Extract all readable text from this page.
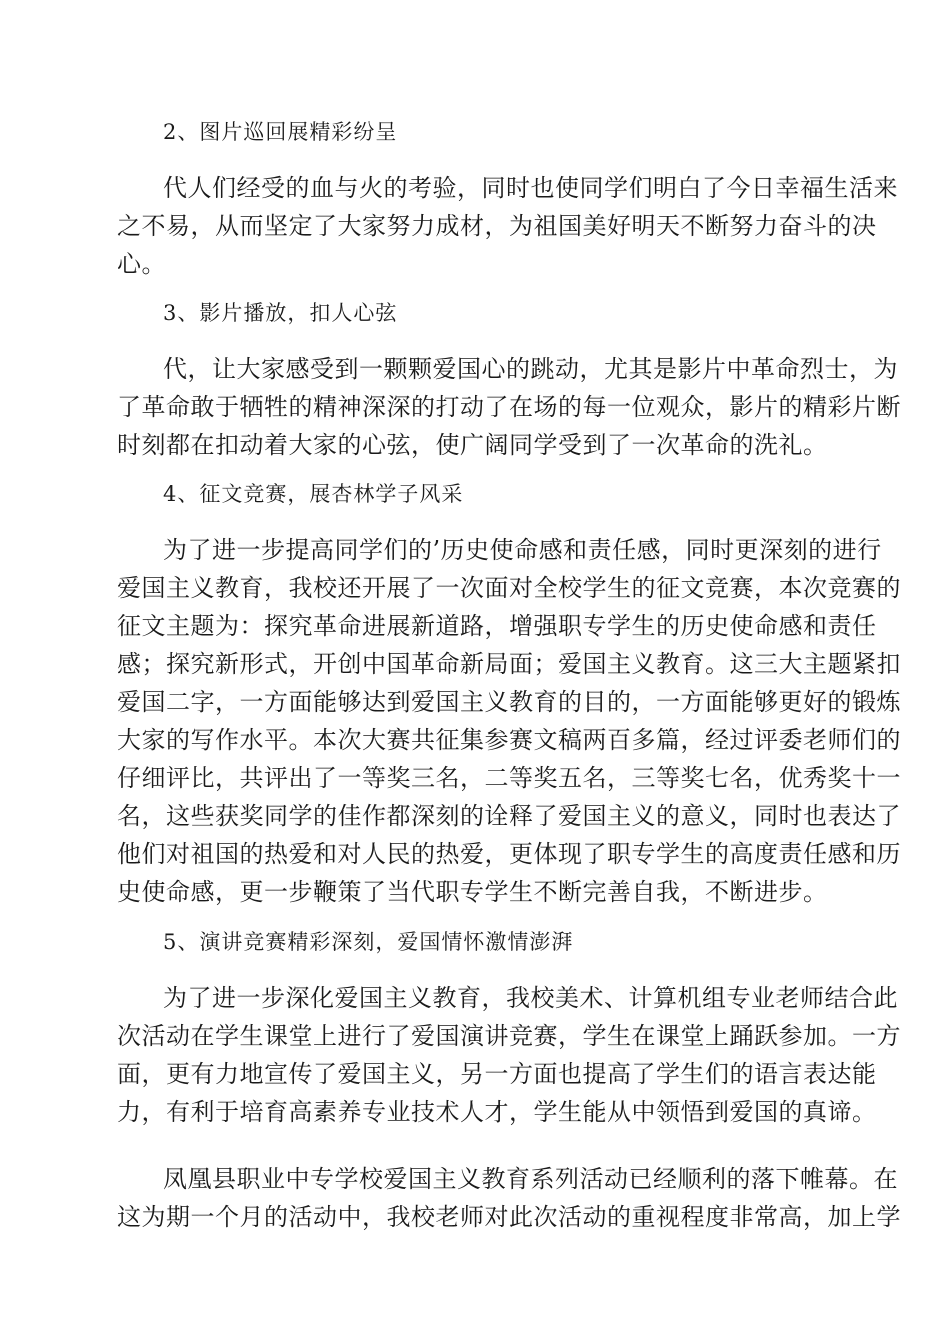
2、图片巡回展精彩纷呈
代人们经受的血与火的考验，同时也使同学们明白了今日幸福生活来
之不易，从而坚定了大家努力成材，为祖国美好明天不断努力奋斗的决
心。
3、影片播放，扣人心弦
代，让大家感受到一颗颗爱国心的跳动，尤其是影片中革命烈士，为
了革命敢于牺牲的精神深深的打动了在场的每一位观众，影片的精彩片断
时刻都在扣动着大家的心弦，使广阔同学受到了一次革命的洗礼。
4、征文竞赛，展杏林学子风采
为了进一步提高同学们的’历史使命感和责任感，同时更深刻的进行
爱国主义教育，我校还开展了一次面对全校学生的征文竞赛，本次竞赛的
征文主题为：探究革命进展新道路，增强职专学生的历史使命感和责任
感；探究新形式，开创中国革命新局面；爱国主义教育。这三大主题紧扣
爱国二字，一方面能够达到爱国主义教育的目的，一方面能够更好的锻炼
大家的写作水平。本次大赛共征集参赛文稿两百多篇，经过评委老师们的
仔细评比，共评出了一等奖三名，二等奖五名，三等奖七名，优秀奖十一
名，这些获奖同学的佳作都深刻的诠释了爱国主义的意义，同时也表达了
他们对祖国的热爱和对人民的热爱，更体现了职专学生的高度责任感和历
史使命感，更一步鞭策了当代职专学生不断完善自我，不断进步。
5、演讲竞赛精彩深刻，爱国情怀激情澎湃
为了进一步深化爱国主义教育，我校美术、计算机组专业老师结合此
次活动在学生课堂上进行了爱国演讲竞赛，学生在课堂上踊跃参加。一方
面，更有力地宣传了爱国主义，另一方面也提高了学生们的语言表达能
力，有利于培育高素养专业技术人才，学生能从中领悟到爱国的真谛。
凤凰县职业中专学校爱国主义教育系列活动已经顺利的落下帷幕。在
这为期一个月的活动中，我校老师对此次活动的重视程度非常高，加上学
